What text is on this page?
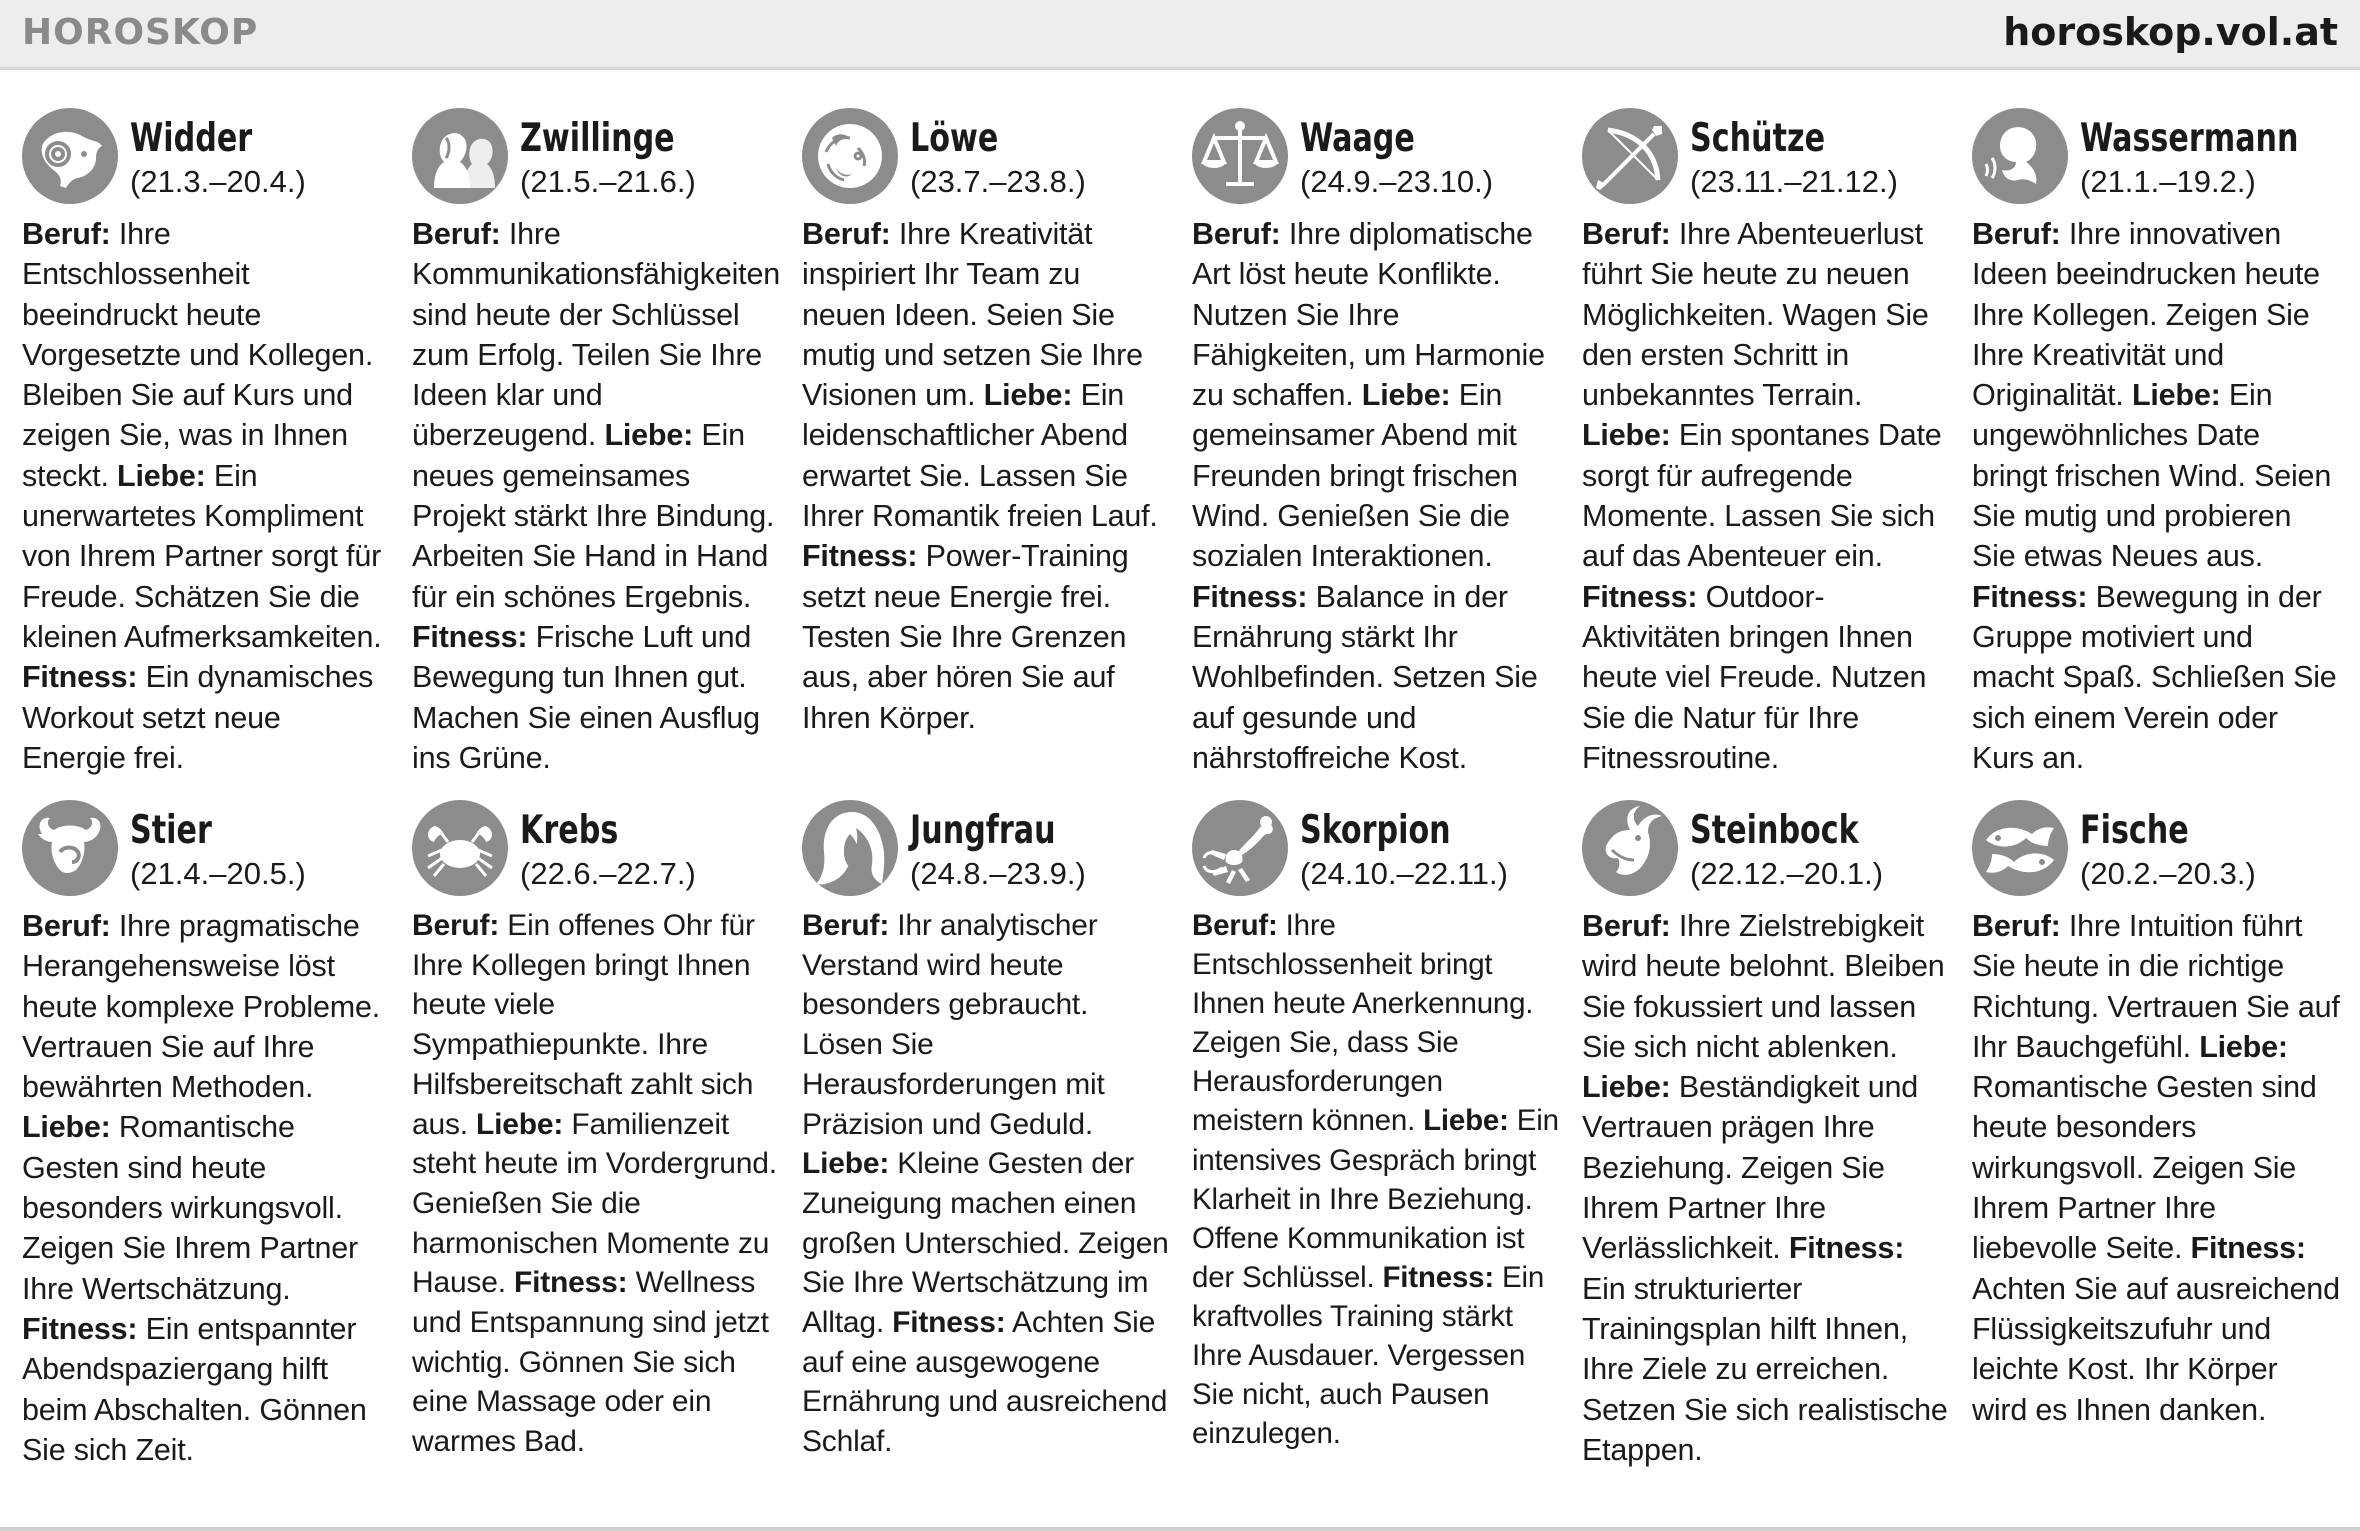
HOROSKOP	horoskop.vol.at
Widder
(21.3.–20.4.)

Beruf: Ihre Entschlossenheit beeindruckt heute Vorgesetzte und Kollegen. Bleiben Sie auf Kurs und zeigen Sie, was in Ihnen steckt. Liebe: Ein unerwartetes Kompliment von Ihrem Partner sorgt für Freude. Schätzen Sie die kleinen Aufmerksamkeiten. Fitness: Ein dynamisches Workout setzt neue Energie frei.

Zwillinge
(21.5.–21.6.)

Beruf: Ihre Kommunikationsfähigkeiten sind heute der Schlüssel zum Erfolg. Teilen Sie Ihre Ideen klar und überzeugend. Liebe: Ein neues gemeinsames Projekt stärkt Ihre Bindung. Arbeiten Sie Hand in Hand für ein schönes Ergebnis. Fitness: Frische Luft und Bewegung tun Ihnen gut. Machen Sie einen Ausflug ins Grüne.

Löwe
(23.7.–23.8.)

Beruf: Ihre Kreativität inspiriert Ihr Team zu neuen Ideen. Seien Sie mutig und setzen Sie Ihre Visionen um. Liebe: Ein leidenschaftlicher Abend erwartet Sie. Lassen Sie Ihrer Romantik freien Lauf. Fitness: Power-Training setzt neue Energie frei. Testen Sie Ihre Grenzen aus, aber hören Sie auf Ihren Körper.

Waage
(24.9.–23.10.)

Beruf: Ihre diplomatische Art löst heute Konflikte. Nutzen Sie Ihre Fähigkeiten, um Harmonie zu schaffen. Liebe: Ein gemeinsamer Abend mit Freunden bringt frischen Wind. Genießen Sie die sozialen Interaktionen. Fitness: Balance in der Ernährung stärkt Ihr Wohlbefinden. Setzen Sie auf gesunde und nährstoffreiche Kost.

Schütze
(23.11.–21.12.)

Beruf: Ihre Abenteuerlust führt Sie heute zu neuen Möglichkeiten. Wagen Sie den ersten Schritt in unbekanntes Terrain. Liebe: Ein spontanes Date sorgt für aufregende Momente. Lassen Sie sich auf das Abenteuer ein. Fitness: Outdoor-Aktivitäten bringen Ihnen heute viel Freude. Nutzen Sie die Natur für Ihre Fitnessroutine.

Wassermann
(21.1.–19.2.)

Beruf: Ihre innovativen Ideen beeindrucken heute Ihre Kollegen. Zeigen Sie Ihre Kreativität und Originalität. Liebe: Ein ungewöhnliches Date bringt frischen Wind. Seien Sie mutig und probieren Sie etwas Neues aus. Fitness: Bewegung in der Gruppe motiviert und macht Spaß. Schließen Sie sich einem Verein oder Kurs an.

Stier
(21.4.–20.5.)

Beruf: Ihre pragmatische Herangehensweise löst heute komplexe Probleme. Vertrauen Sie auf Ihre bewährten Methoden. Liebe: Romantische Gesten sind heute besonders wirkungsvoll. Zeigen Sie Ihrem Partner Ihre Wertschätzung. Fitness: Ein entspannter Abendspaziergang hilft beim Abschalten. Gönnen Sie sich Zeit.

Krebs
(22.6.–22.7.)

Beruf: Ein offenes Ohr für Ihre Kollegen bringt Ihnen heute viele Sympathiepunkte. Ihre Hilfsbereitschaft zahlt sich aus. Liebe: Familienzeit steht heute im Vordergrund. Genießen Sie die harmonischen Momente zu Hause. Fitness: Wellness und Entspannung sind jetzt wichtig. Gönnen Sie sich eine Massage oder ein warmes Bad.

Jungfrau
(24.8.–23.9.)

Beruf: Ihr analytischer Verstand wird heute besonders gebraucht. Lösen Sie Herausforderungen mit Präzision und Geduld. Liebe: Kleine Gesten der Zuneigung machen einen großen Unterschied. Zeigen Sie Ihre Wertschätzung im Alltag. Fitness: Achten Sie auf eine ausgewogene Ernährung und ausreichend Schlaf.

Skorpion
(24.10.–22.11.)

Beruf: Ihre Entschlossenheit bringt Ihnen heute Anerkennung. Zeigen Sie, dass Sie Herausforderungen meistern können. Liebe: Ein intensives Gespräch bringt Klarheit in Ihre Beziehung. Offene Kommunikation ist der Schlüssel. Fitness: Ein kraftvolles Training stärkt Ihre Ausdauer. Vergessen Sie nicht, auch Pausen einzulegen.

Steinbock
(22.12.–20.1.)

Beruf: Ihre Zielstrebigkeit wird heute belohnt. Bleiben Sie fokussiert und lassen Sie sich nicht ablenken. Liebe: Beständigkeit und Vertrauen prägen Ihre Beziehung. Zeigen Sie Ihrem Partner Ihre Verlässlichkeit. Fitness: Ein strukturierter Trainingsplan hilft Ihnen, Ihre Ziele zu erreichen. Setzen Sie sich realistische Etappen.

Fische
(20.2.–20.3.)

Beruf: Ihre Intuition führt Sie heute in die richtige Richtung. Vertrauen Sie auf Ihr Bauchgefühl. Liebe: Romantische Gesten sind heute besonders wirkungsvoll. Zeigen Sie Ihrem Partner Ihre liebevolle Seite. Fitness: Achten Sie auf ausreichend Flüssigkeitszufuhr und leichte Kost. Ihr Körper wird es Ihnen danken.
